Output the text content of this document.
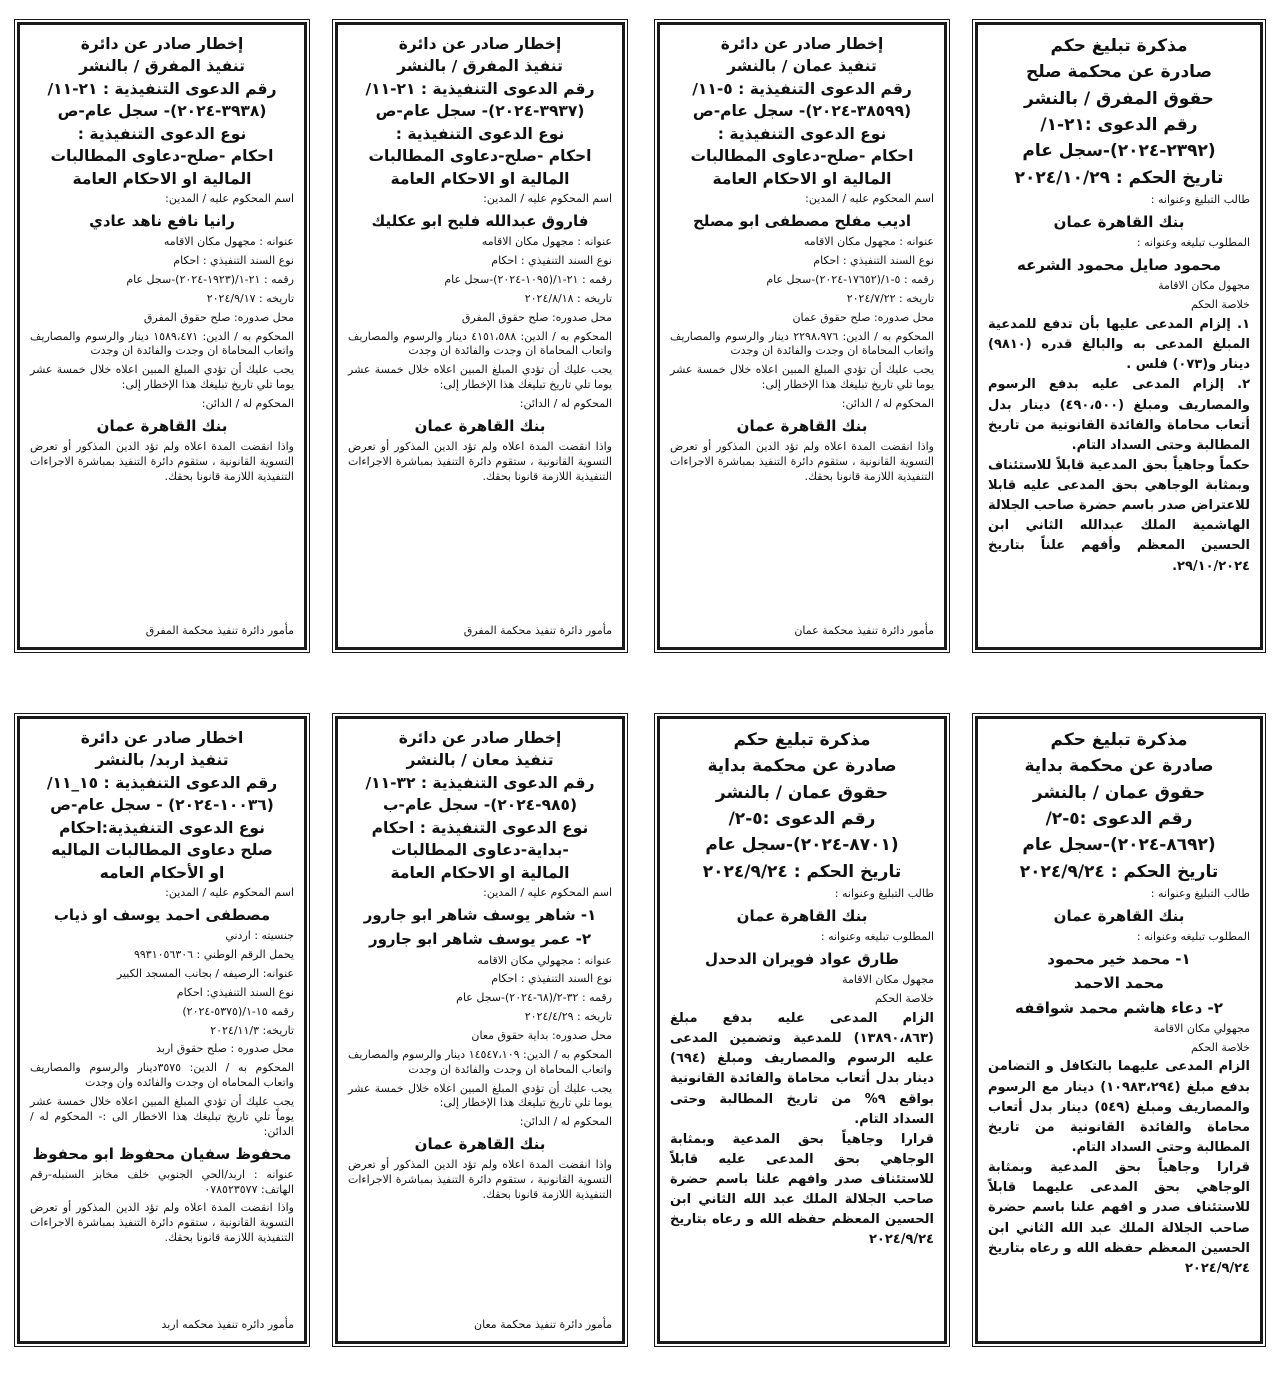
مذكرة تبليغ حكم
صادرة عن محكمة صلح
حقوق المفرق / بالنشر
رقم الدعوى :٢١-١/
(٢٣٩٢-٢٠٢٤)-سجل عام
تاريخ الحكم : ٢٠٢٤/١٠/٢٩
طالب التبليغ وعنوانه :
بنك القاهرة عمان
المطلوب تبليغه وعنوانه :
محمود صايل محمود الشرعه
مجهول مكان الاقامة
خلاصة الحكم
١. إلزام المدعى عليها بأن تدفع للمدعية المبلغ المدعى به والبالغ قدره (٩٨١٠) دينار و(٠٧٣) فلس .
٢. إلزام المدعى عليه بدفع الرسوم والمصاريف ومبلغ (٤٩٠،٥٠٠) دينار بدل أتعاب محاماة والفائدة القانونية من تاريخ المطالبة وحتى السداد التام.
حكماً وجاهياً بحق المدعية قابلاً للاستئناف وبمثابة الوجاهي بحق المدعى عليه قابلا للاعتراض صدر باسم حضرة صاحب الجلالة الهاشمية الملك عبدالله الثاني ابن الحسين المعظم وأفهم علناً بتاريخ ٢٩/١٠/٢٠٢٤.
إخطار صادر عن دائرة
تنفيذ عمان / بالنشر
رقم الدعوى التنفيذية : ٥-١١/
(٣٨٥٩٩-٢٠٢٤)- سجل عام-ص
نوع الدعوى التنفيذية :
احكام -صلح-دعاوى المطالبات
المالية او الاحكام العامة
اسم المحكوم عليه / المدين:
اديب مفلح مصطفى ابو مصلح
عنوانه : مجهول مكان الاقامه
نوع السند التنفيذي : احكام
رقمه : ٥-١/(١٧٦٥٢-٢٠٢٤)-سجل عام
تاريخه : ٢٠٢٤/٧/٢٢
محل صدوره: صلح حقوق عمان
المحكوم به / الدين: ٢٢٩٨،٩٧٦ دينار والرسوم والمصاريف واتعاب المحاماة ان وجدت والفائدة ان وجدت
يجب عليك أن تؤدي المبلغ المبين اعلاه خلال خمسة عشر يوما تلي تاريخ تبليغك هذا الإخطار إلى:
المحكوم له / الدائن:
بنك القاهرة عمان
واذا انقضت المدة اعلاه ولم تؤد الدين المذكور أو تعرض التسوية القانونية ، ستقوم دائرة التنفيذ بمباشرة الاجراءات التنفيذية اللازمة قانونا بحقك.
مأمور دائرة تنفيذ محكمة عمان
إخطار صادر عن دائرة
تنفيذ المفرق / بالنشر
رقم الدعوى التنفيذية : ٢١-١١/
(٣٩٣٧-٢٠٢٤)- سجل عام-ص
نوع الدعوى التنفيذية :
احكام -صلح-دعاوى المطالبات
المالية او الاحكام العامة
اسم المحكوم عليه / المدين:
فاروق عبدالله فليح ابو عكليك
عنوانه : مجهول مكان الاقامه
نوع السند التنفيذي : احكام
رقمه : ٢١-١/(١٠٩٥-٢٠٢٤)-سجل عام
تاريخه : ٢٠٢٤/٨/١٨
محل صدوره: صلح حقوق المفرق
المحكوم به / الدين: ٤١٥١،٥٨٨ دينار والرسوم والمصاريف واتعاب المحاماة ان وجدت والفائدة ان وجدت
يجب عليك أن تؤدي المبلغ المبين اعلاه خلال خمسة عشر يوما تلي تاريخ تبليغك هذا الإخطار إلى:
المحكوم له / الدائن:
بنك القاهرة عمان
واذا انقضت المدة اعلاه ولم تؤد الدين المذكور أو تعرض التسوية القانونية ، ستقوم دائرة التنفيذ بمباشرة الاجراءات التنفيذية اللازمة قانونا بحقك.
مأمور دائرة تنفيذ محكمة المفرق
إخطار صادر عن دائرة
تنفيذ المفرق / بالنشر
رقم الدعوى التنفيذية : ٢١-١١/
(٣٩٣٨-٢٠٢٤)- سجل عام-ص
نوع الدعوى التنفيذية :
احكام -صلح-دعاوى المطالبات
المالية او الاحكام العامة
اسم المحكوم عليه / المدين:
رانيا نافع ناهد عادي
عنوانه : مجهول مكان الاقامه
نوع السند التنفيذي : احكام
رقمه : ٢١-١/(١٩٢٣-٢٠٢٤)-سجل عام
تاريخه : ٢٠٢٤/٩/١٧
محل صدوره: صلح حقوق المفرق
المحكوم به / الدين: ١٥٨٩،٤٧١ دينار والرسوم والمصاريف واتعاب المحاماة ان وجدت والفائدة ان وجدت
يجب عليك أن تؤدي المبلغ المبين اعلاه خلال خمسة عشر يوما تلي تاريخ تبليغك هذا الإخطار إلى:
المحكوم له / الدائن:
بنك القاهرة عمان
واذا انقضت المدة اعلاه ولم تؤد الدين المذكور أو تعرض التسوية القانونية ، ستقوم دائرة التنفيذ بمباشرة الاجراءات التنفيذية اللازمة قانونا بحقك.
مأمور دائرة تنفيذ محكمة المفرق
مذكرة تبليغ حكم
صادرة عن محكمة بداية
حقوق عمان / بالنشر
رقم الدعوى :٥-٢/
(٨٦٩٢-٢٠٢٤)-سجل عام
تاريخ الحكم : ٢٠٢٤/٩/٢٤
طالب التبليغ وعنوانه :
بنك القاهرة عمان
المطلوب تبليغه وعنوانه :
١- محمد خير محمود
محمد الاحمد
٢- دعاء هاشم محمد شواقفه
مجهولي مكان الاقامة
خلاصة الحكم
الزام المدعى عليهما بالتكافل و التضامن بدفع مبلغ (١٠٩٨٣،٢٩٤) دينار مع الرسوم والمصاريف ومبلغ (٥٤٩) دينار بدل أتعاب محاماة والفائدة القانونية من تاريخ المطالبة وحتى السداد التام.
قرارا وجاهياً بحق المدعية وبمثابة الوجاهي بحق المدعى عليهما قابلاً للاستئناف صدر و افهم علنا باسم حضرة صاحب الجلالة الملك عبد الله الثاني ابن الحسين المعظم حفظه الله و رعاه بتاريخ ٢٠٢٤/٩/٢٤
مذكرة تبليغ حكم
صادرة عن محكمة بداية
حقوق عمان / بالنشر
رقم الدعوى :٥-٢/
(٨٧٠١-٢٠٢٤)-سجل عام
تاريخ الحكم : ٢٠٢٤/٩/٢٤
طالب التبليغ وعنوانه :
بنك القاهرة عمان
المطلوب تبليغه وعنوانه :
طارق عواد فويران الدحدل
مجهول مكان الاقامة
خلاصة الحكم
الزام المدعى عليه بدفع مبلغ (١٣٨٩٠،٨٦٣) للمدعية وتضمين المدعى عليه الرسوم والمصاريف ومبلغ (٦٩٤) دينار بدل أتعاب محاماة والفائدة القانونية بواقع ٩% من تاريخ المطالبة وحتى السداد التام.
قرارا وجاهياً بحق المدعية وبمثابة الوجاهي بحق المدعى عليه قابلاً للاستئناف صدر وافهم علنا باسم حضرة صاحب الجلالة الملك عبد الله الثاني ابن الحسين المعظم حفظه الله و رعاه بتاريخ ٢٠٢٤/٩/٢٤
إخطار صادر عن دائرة
تنفيذ معان / بالنشر
رقم الدعوى التنفيذية : ٣٢-١١/
(٩٨٥-٢٠٢٤)- سجل عام-ب
نوع الدعوى التنفيذية : احكام
-بداية-دعاوى المطالبات
المالية او الاحكام العامة
اسم المحكوم عليه / المدين:
١- شاهر يوسف شاهر ابو جارور
٢- عمر يوسف شاهر ابو جارور
عنوانه : مجهولي مكان الاقامه
نوع السند التنفيذي : احكام
رقمه : ٣٢-٢/(٦٨-٢٠٢٤)-سجل عام
تاريخه : ٢٠٢٤/٤/٢٩
محل صدوره: بداية حقوق معان
المحكوم به / الدين: ١٤٥٤٧،١٠٩ دينار والرسوم والمصاريف واتعاب المحاماة ان وجدت والفائدة ان وجدت
يجب عليك أن تؤدي المبلغ المبين اعلاه خلال خمسة عشر يوما تلي تاريخ تبليغك هذا الإخطار إلى:
المحكوم له / الدائن:
بنك القاهرة عمان
واذا انقضت المدة اعلاه ولم تؤد الدين المذكور أو تعرض التسوية القانونية ، ستقوم دائرة التنفيذ بمباشرة الاجراءات التنفيذية اللازمة قانونا بحقك.
مأمور دائرة تنفيذ محكمة معان
اخطار صادر عن دائرة
تنفيذ اربد/ بالنشر
رقم الدعوى التنفيذية : ١٥_١١/
(١٠٠٣٦-٢٠٢٤) - سجل عام-ص
نوع الدعوى التنفيذية:احكام
صلح دعاوى المطالبات الماليه
او الأحكام العامه
اسم المحكوم عليه / المدين:
مصطفى احمد يوسف او ذياب
جنسيته : اردني
يحمل الرقم الوطني : ٩٩٣١٠٥٦٣٠٦
عنوانه: الرصيفه / بجانب المسجد الكبير
نوع السند التنفيذي: احكام
رقمه ١٥-١/(٥٣٧٥-٢٠٢٤)
تاريخه: ٢٠٢٤/١١/٣
محل صدوره : صلح حقوق اربد
المحكوم به / الدين: ٣٥٧٥دينار والرسوم والمصاريف واتعاب المحاماه ان وجدت والفائده وان وجدت
يجب عليك أن تؤدي المبلغ المبين اعلاه خلال خمسة عشر يوماً تلي تاريخ تبليغك هذا الاخطار الى :- المحكوم له / الدائن:
محفوظ سفيان محفوظ ابو محفوظ
عنوانه : اربد/الحي الجنوبي خلف مخابز السنبله-رقم الهاتف: ٠٧٨٥٢٣٥٧٧
واذا انقضت المدة اعلاه ولم تؤد الدين المذكور أو تعرض التسوية القانونية ، ستقوم دائرة التنفيذ بمباشرة الاجراءات التنفيذية اللازمة قانونا بحقك.
مأمور دائره تنفيذ محكمه اربد
